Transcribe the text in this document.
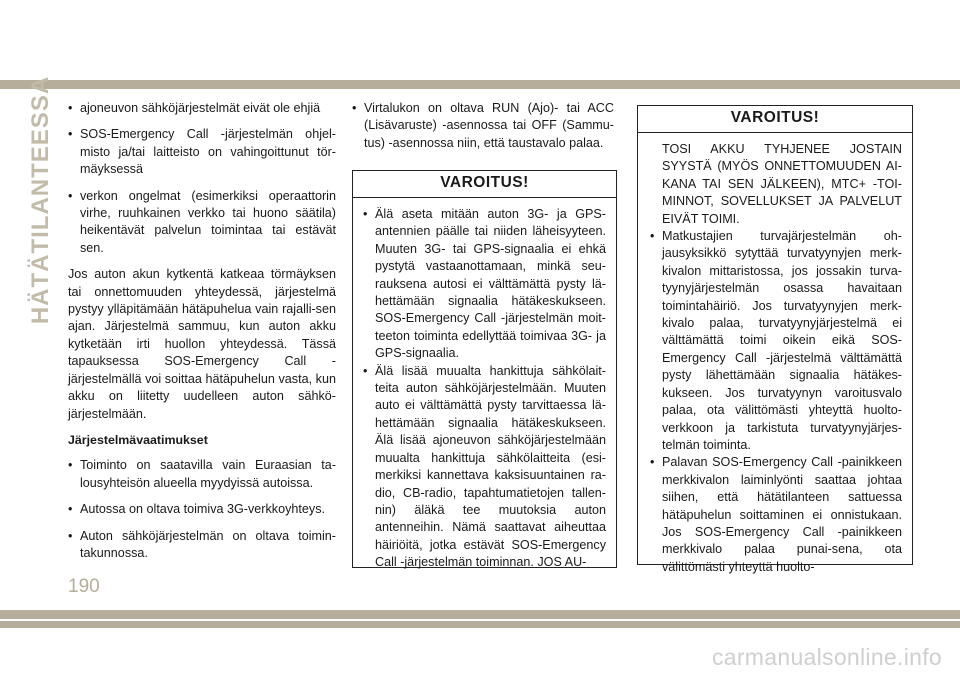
HÄTÄTILANTEESSA
•	ajoneuvon sähköjärjestelmät eivät ole ehjiä
• SOS-Emergency Call -järjestelmän ohjel-misto ja/tai laitteisto on vahingoittunut tör-mäyksessä
• verkon ongelmat (esimerkiksi operaattorin virhe, ruuhkainen verkko tai huono säätila) heikentävät palvelun toimintaa tai estävät sen.

Jos auton akun kytkentä katkeaa törmäyksen tai onnettomuuden yhteydessä, järjestelmä pystyy ylläpitämään hätäpuhelua vain rajalli-sen ajan. Järjestelmä sammuu, kun auton akku kytketään irti huollon yhteydessä. Tässä tapauksessa SOS-Emergency Call -järjestelmällä voi soittaa hätäpuhelun vasta, kun akku on liitetty uudelleen auton sähkö-järjestelmään.

Järjestelmävaatimukset
• Toiminto on saatavilla vain Euraasian ta-lousyhteisön alueella myydyissä autoissa.
• Autossa on oltava toimiva 3G-verkkoyhteys.
• Auton sähköjärjestelmän on oltava toimin-takunnossa.
• Virtalukon on oltava RUN (Ajo)- tai ACC (Lisävaruste) -asennossa tai OFF (Sammu-tus) -asennossa niin, että taustavalo palaa.
VAROITUS!
• Älä aseta mitään auton 3G- ja GPS-antennien päälle tai niiden läheisyyteen. Muuten 3G- tai GPS-signaalia ei ehkä pystytä vastaanottamaan, minkä seu-rauksena autosi ei välttämättä pysty lä-hettämään signaalia hätäkeskukseen. SOS-Emergency Call -järjestelmän moit-teeton toiminta edellyttää toimivaa 3G- ja GPS-signaalia.
• Älä lisää muualta hankittuja sähkölait-teita auton sähköjärjestelmään. Muuten auto ei välttämättä pysty tarvittaessa lä-hettämään signaalia hätäkeskukseen. Älä lisää ajoneuvon sähköjärjestelmään muualta hankittuja sähkölaitteita (esi-merkiksi kannettava kaksisuuntainen ra-dio, CB-radio, tapahtumatietojen tallen-nin) äläkä tee muutoksia auton antenneihin. Nämä saattavat aiheuttaa häiriöitä, jotka estävät SOS-Emergency Call -järjestelmän toiminnan. JOS AU-
VAROITUS!

TOSI AKKU TYHJENEE JOSTAIN SYYSTÄ (MYÖS ONNETTOMUUDEN AI-KANA TAI SEN JÄLKEEN), MTC+ -TOI-MINNOT, SOVELLUKSET JA PALVELUT EIVÄT TOIMI.

• Matkustajien turvajärjestelmän oh-jausyksikkö sytyttää turvatyynyjen merk-kivalon mittaristossa, jos jossakin turva-tyynyjärjestelmän osassa havaitaan toimintahäiriö. Jos turvatyynyjen merk-kivalo palaa, turvatyynyjärjestelmä ei välttämättä toimi oikein eikä SOS-Emergency Call -järjestelmä välttämättä pysty lähettämään signaalia hätäkes-kukseen. Jos turvatyynyn varoitusvalo palaa, ota välittömästi yhteyttä huolto-verkkoon ja tarkistuta turvatyynyjärjes-telmän toiminta.
• Palavan SOS-Emergency Call -painikkeen merkkivalon laiminlyönti saattaa johtaa siihen, että hätätilanteen sattuessa hätäpuhelun soittaminen ei onnistukaan. Jos SOS-Emergency Call -painikkeen merkkivalo palaa punai-sena, ota välittömästi yhteyttä huolto-
190
carmanualsonline.info
